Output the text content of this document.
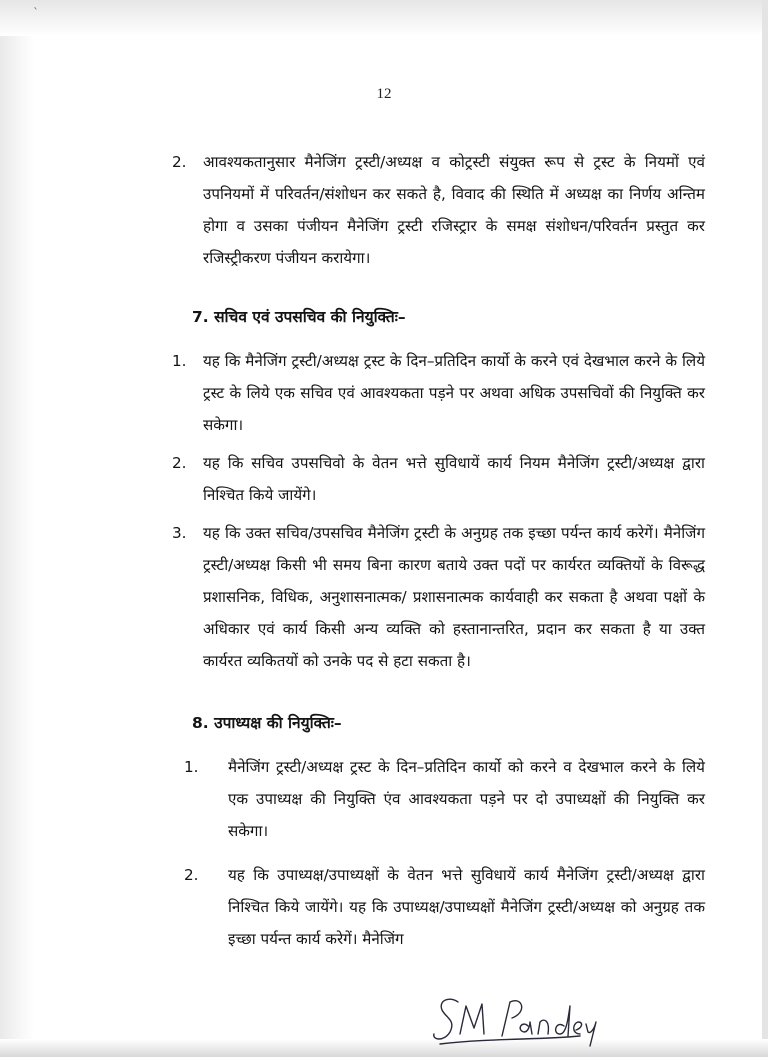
ˋ
12
2. आवश्यकतानुसार मैनेजिंग ट्रस्टी/अध्यक्ष व कोट्रस्टी संयुक्त रूप से ट्रस्ट के नियमों एवं उपनियमों में परिवर्तन/संशोधन कर सकते है, विवाद की स्थिति में अध्यक्ष का निर्णय अन्तिम होगा व उसका पंजीयन मैनेजिंग ट्रस्टी रजिस्ट्रार के समक्ष संशोधन/परिवर्तन प्रस्तुत कर रजिस्ट्रीकरण पंजीयन करायेगा।
7. सचिव एवं उपसचिव की नियुक्तिः–
1. यह कि मैनेजिंग ट्रस्टी/अध्यक्ष ट्रस्ट के दिन–प्रतिदिन कार्यो के करने एवं देखभाल करने के लिये ट्रस्ट के लिये एक सचिव एवं आवश्यकता पड़ने पर अथवा अधिक उपसचिवों की नियुक्ति कर सकेगा।
2. यह कि सचिव उपसचिवो के वेतन भत्ते सुविधायें कार्य नियम मैनेजिंग ट्रस्टी/अध्यक्ष द्वारा निश्चित किये जायेंगे।
3. यह कि उक्त सचिव/उपसचिव मैनेजिंग ट्रस्टी के अनुग्रह तक इच्छा पर्यन्त कार्य करेगें। मैनेजिंग ट्रस्टी/अध्यक्ष किसी भी समय बिना कारण बताये उक्त पदों पर कार्यरत व्यक्तियों के विरूद्ध प्रशासनिक, विधिक, अनुशासनात्मक/ प्रशासनात्मक कार्यवाही कर सकता है अथवा पक्षों के अधिकार एवं कार्य किसी अन्य व्यक्ति को हस्तानान्तरित, प्रदान कर सकता है या उक्त कार्यरत व्यकितयों को उनके पद से हटा सकता है।
8. उपाध्यक्ष की नियुक्तिः–
1. मैनेजिंग ट्रस्टी/अध्यक्ष ट्रस्ट के दिन–प्रतिदिन कार्यो को करने व देखभाल करने के लिये एक उपाध्यक्ष की नियुक्ति एंव आवश्यकता पड़ने पर दो उपाध्यक्षों की नियुक्ति कर सकेगा।
2. यह कि उपाध्यक्ष/उपाध्यक्षों के वेतन भत्ते सुविधायें कार्य मैनेजिंग ट्रस्टी/अध्यक्ष द्वारा निश्चित किये जायेंगे। यह कि उपाध्यक्ष/उपाध्यक्षों मैनेजिंग ट्रस्टी/अध्यक्ष को अनुग्रह तक इच्छा पर्यन्त कार्य करेगें। मैनेजिंग
